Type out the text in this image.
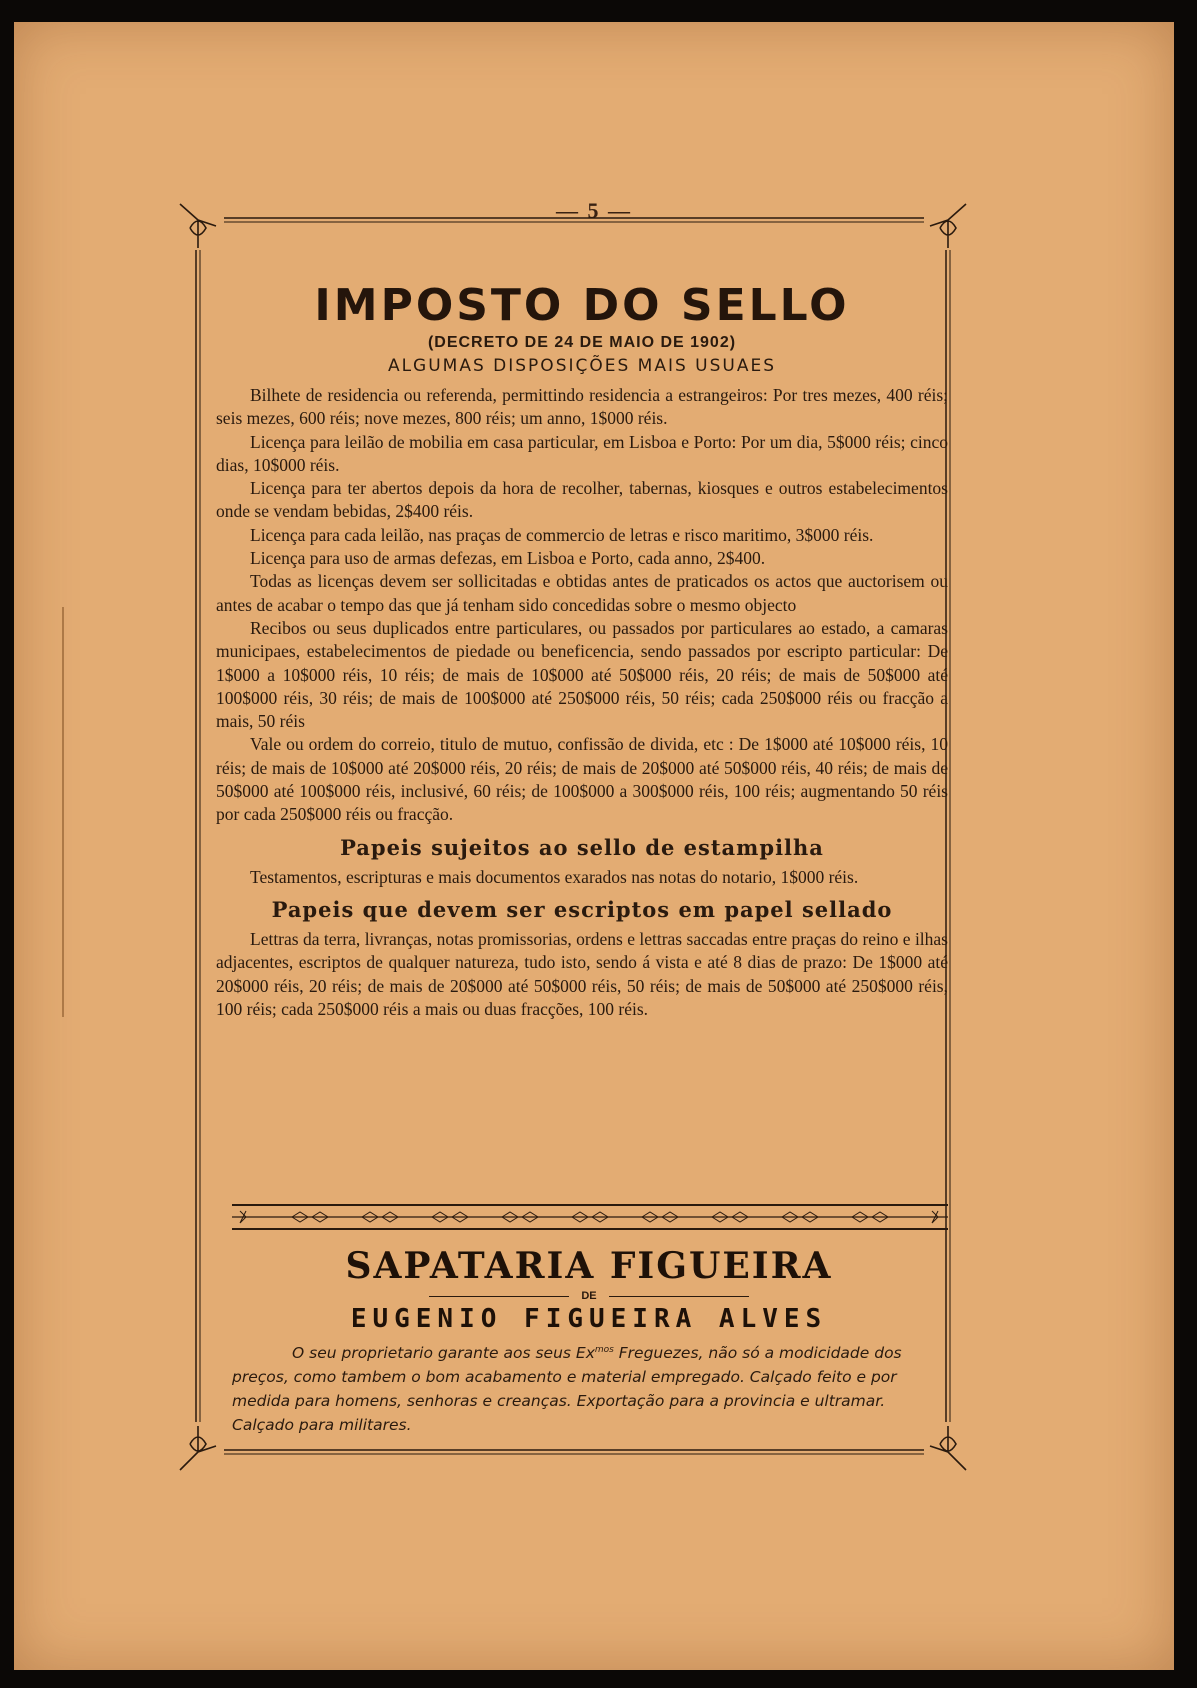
— 5 —
IMPOSTO DO SELLO
(DECRETO DE 24 DE MAIO DE 1902)
ALGUMAS DISPOSIÇÕES MAIS USUAES

Bilhete de residencia ou referenda, permittindo residencia a estrangeiros: Por tres mezes, 400 réis; seis mezes, 600 réis; nove mezes, 800 réis; um anno, 1$000 réis.

Licença para leilão de mobilia em casa particular, em Lisboa e Porto: Por um dia, 5$000 réis; cinco dias, 10$000 réis.

Licença para ter abertos depois da hora de recolher, tabernas, kiosques e outros estabelecimentos onde se vendam bebidas, 2$400 réis.

Licença para cada leilão, nas praças de commercio de letras e risco maritimo, 3$000 réis.

Licença para uso de armas defezas, em Lisboa e Porto, cada anno, 2$400.

Todas as licenças devem ser sollicitadas e obtidas antes de praticados os actos que auctorisem ou antes de acabar o tempo das que já tenham sido concedidas sobre o mesmo objecto

Recibos ou seus duplicados entre particulares, ou passados por particulares ao estado, a camaras municipaes, estabelecimentos de piedade ou beneficencia, sendo passados por escripto particular: De 1$000 a 10$000 réis, 10 réis; de mais de 10$000 até 50$000 réis, 20 réis; de mais de 50$000 até 100$000 réis, 30 réis; de mais de 100$000 até 250$000 réis, 50 réis; cada 250$000 réis ou fracção a mais, 50 réis

Vale ou ordem do correio, titulo de mutuo, confissão de divida, etc : De 1$000 até 10$000 réis, 10 réis; de mais de 10$000 até 20$000 réis, 20 réis; de mais de 20$000 até 50$000 réis, 40 réis; de mais de 50$000 até 100$000 réis, inclusivé, 60 réis; de 100$000 a 300$000 réis, 100 réis; augmentando 50 réis por cada 250$000 réis ou fracção.

Papeis sujeitos ao sello de estampilha

Testamentos, escripturas e mais documentos exarados nas notas do notario, 1$000 réis.

Papeis que devem ser escriptos em papel sellado

Lettras da terra, livranças, notas promissorias, ordens e lettras saccadas entre praças do reino e ilhas adjacentes, escriptos de qualquer natureza, tudo isto, sendo á vista e até 8 dias de prazo: De 1$000 até 20$000 réis, 20 réis; de mais de 20$000 até 50$000 réis, 50 réis; de mais de 50$000 até 250$000 réis, 100 réis; cada 250$000 réis a mais ou duas fracções, 100 réis.

SAPATARIA FIGUEIRA
DE
EUGENIO FIGUEIRA ALVES

O seu proprietario garante aos seus $Ex^{mos}$ Freguezes, não só a modicidade dos preços, como tambem o bom acabamento e material empregado. Calçado feito e por medida para homens, senhoras e creanças. Exportação para a provincia e ultramar. Calçado para militares.
